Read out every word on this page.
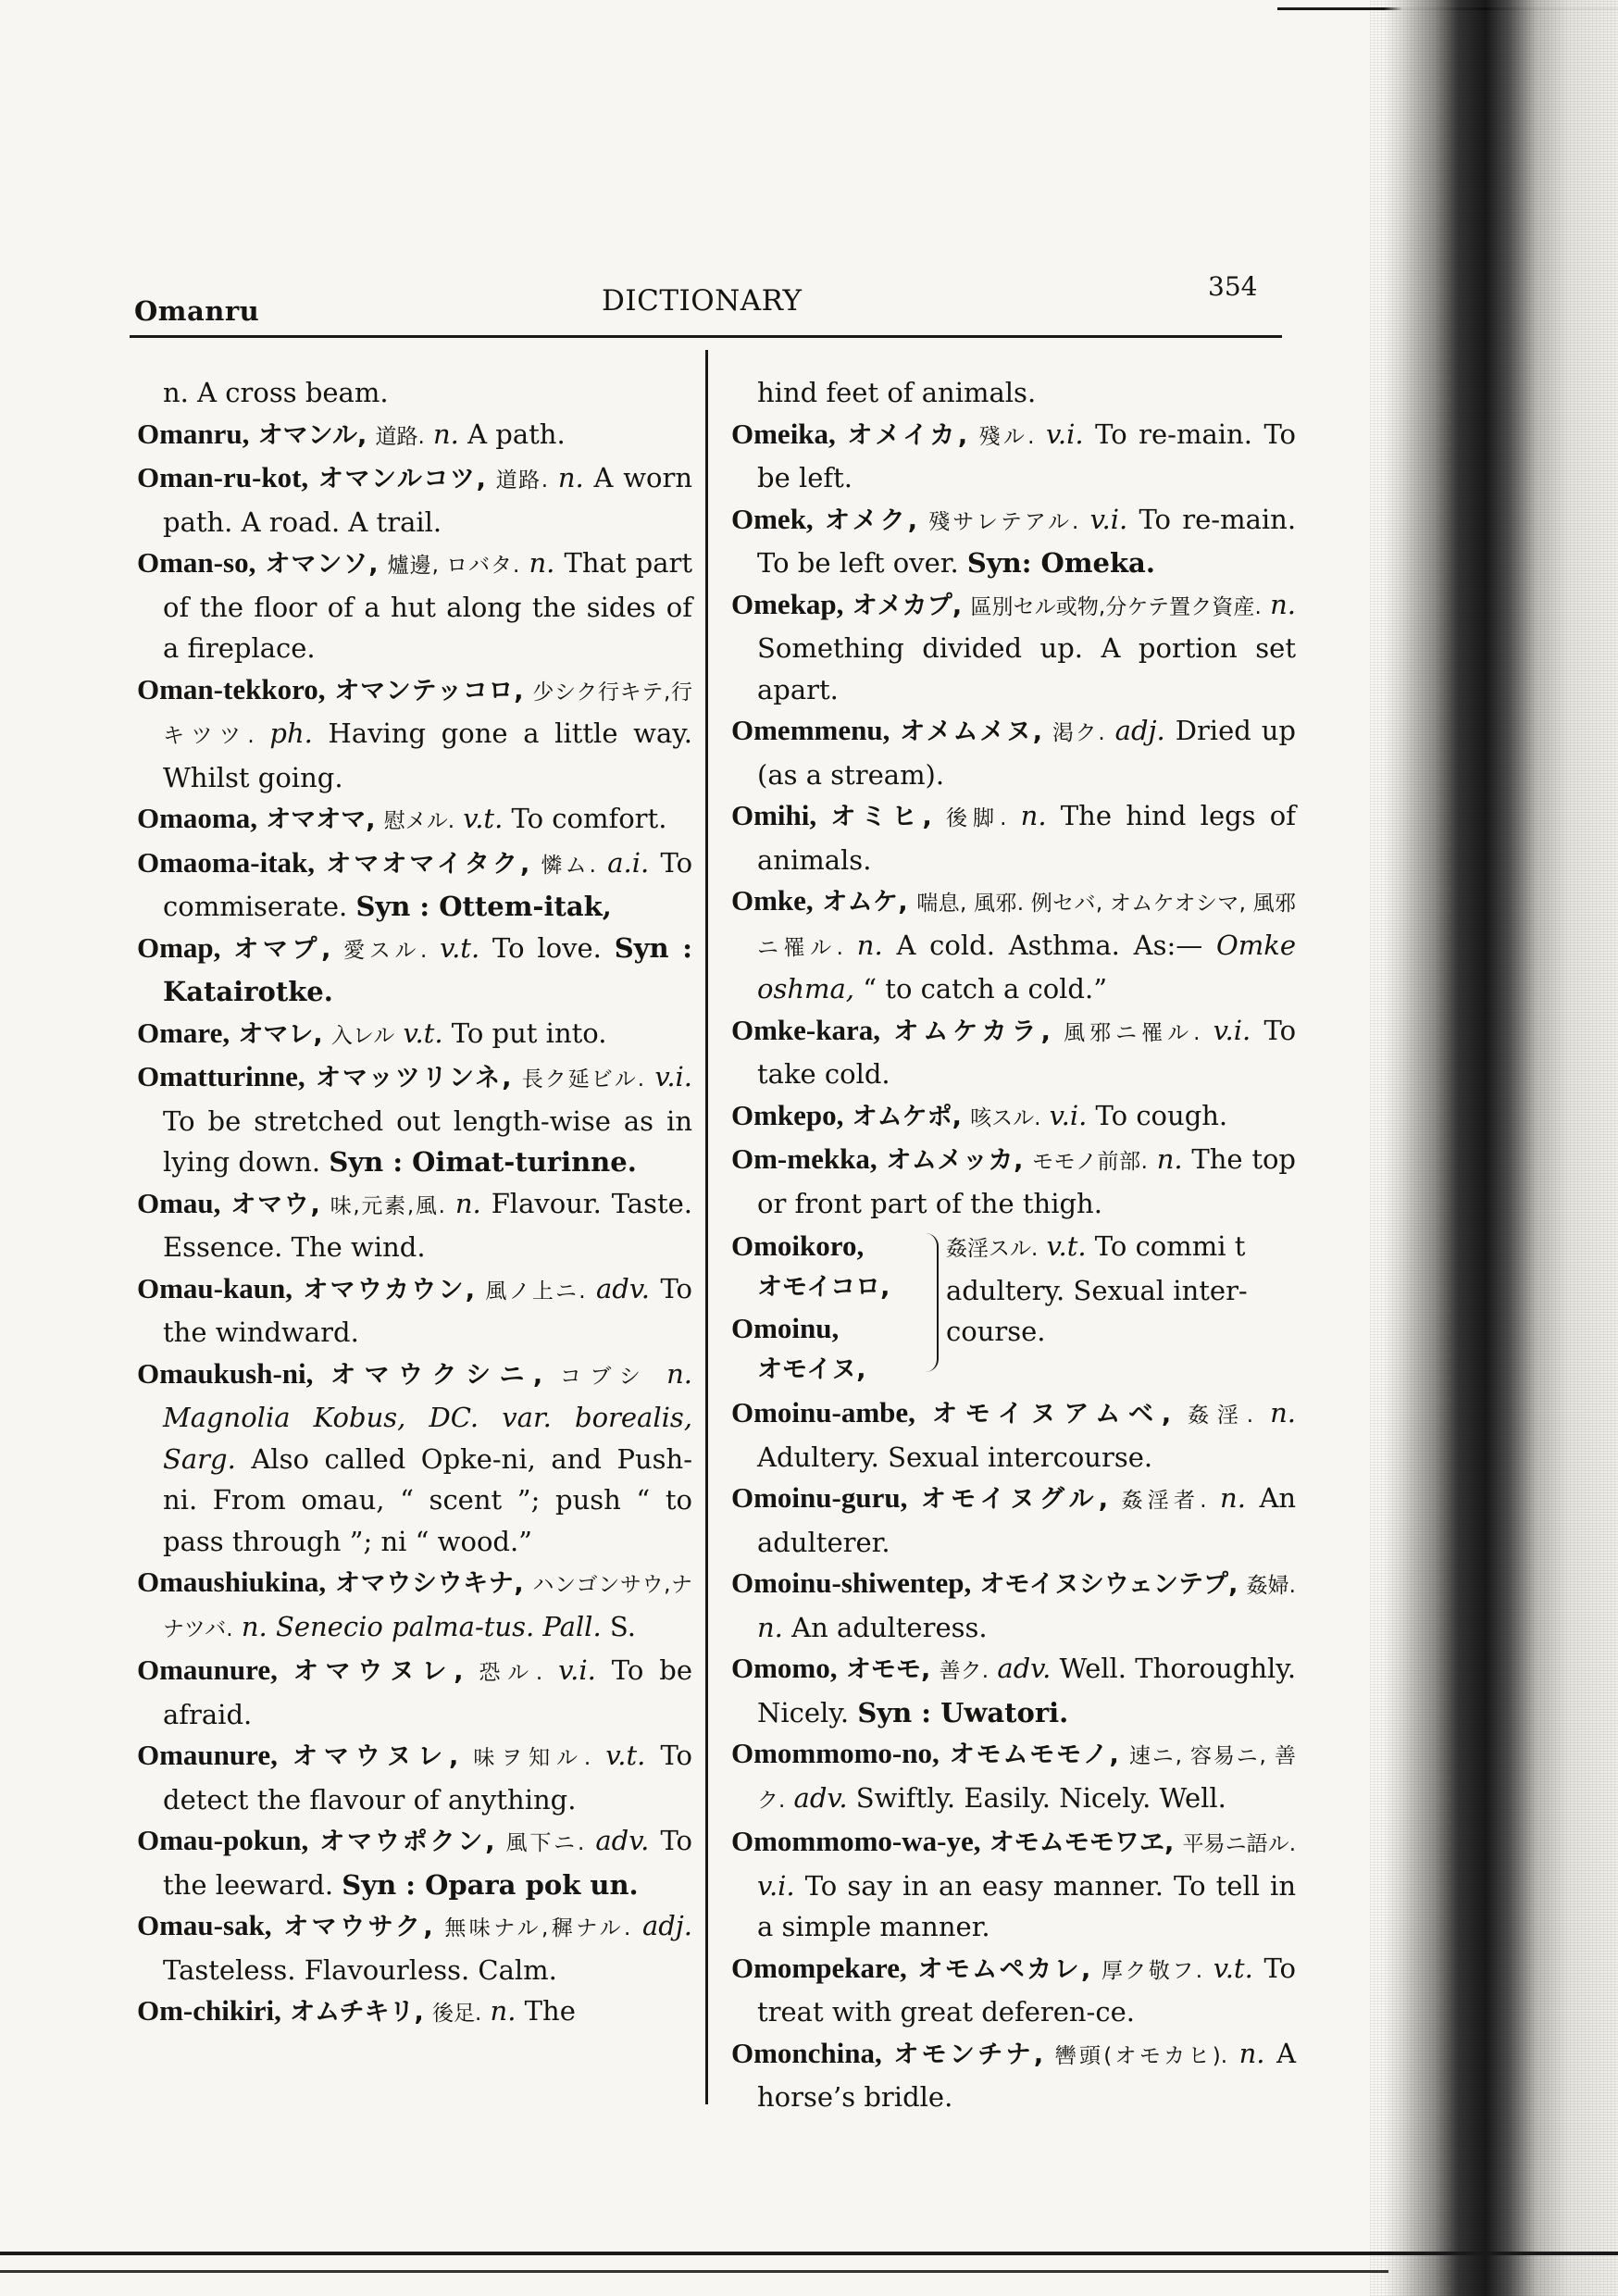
Omanru	DICTIONARY	354
n. A cross beam.
Omanru, オマンル, 道路. n. A path.
Oman-ru-kot, オマンルコツ, 道路. n. A worn path. A road. A trail.
Oman-so, オマンソ, 爐邊, ロバタ. n. That part of the floor of a hut along the sides of a fireplace.
Oman-tekkoro, オマンテッコロ, 少シク行キテ,行キツツ. ph. Having gone a little way. Whilst going.
Omaoma, オマオマ, 慰メル. v.t. To comfort.
Omaoma-itak, オマオマイタク, 憐ム. a.i. To commiserate. Syn : Ottem-itak,
Omap, オマプ, 愛スル. v.t. To love. Syn : Katairotke.
Omare, オマレ, 入レル v.t. To put into.
Omatturinne, オマッツリンネ, 長ク延ビル. v.i. To be stretched out length-wise as in lying down. Syn : Oimat-turinne.
Omau, オマウ, 味,元素,風. n. Flavour. Taste. Essence. The wind.
Omau-kaun, オマウカウン, 風ノ上ニ. adv. To the windward.
Omaukush-ni, オマウクシニ, コブシ n. Magnolia Kobus, DC. var. borealis, Sarg. Also called Opke-ni, and Push-ni. From omau, “ scent ”; push “ to pass through ”; ni “ wood.”
Omaushiukina, オマウシウキナ, ハンゴンサウ,ナナツバ. n. Senecio palma-tus. Pall. S.
Omaunure, オマウヌレ, 恐ル. v.i. To be afraid.
Omaunure, オマウヌレ, 味ヲ知ル. v.t. To detect the flavour of anything.
Omau-pokun, オマウポクン, 風下ニ. adv. To the leeward. Syn : Opara pok un.
Omau-sak, オマウサク, 無味ナル,穉ナル. adj. Tasteless. Flavourless. Calm.
Om-chikiri, オムチキリ, 後足. n. The
hind feet of animals.
Omeika, オメイカ, 殘ル. v.i. To re-main. To be left.
Omek, オメク, 殘サレテアル. v.i. To re-main. To be left over. Syn: Omeka.
Omekap, オメカプ, 區別セル或物,分ケテ置ク資産. n. Something divided up. A portion set apart.
Omemmenu, オメムメヌ, 渇ク. adj. Dried up (as a stream).
Omihi, オミヒ, 後脚. n. The hind legs of animals.
Omke, オムケ, 喘息, 風邪. 例セバ, オムケオシマ, 風邪ニ罹ル. n. A cold. Asthma. As:— Omke oshma, “ to catch a cold.”
Omke-kara, オムケカラ, 風邪ニ罹ル. v.i. To take cold.
Omkepo, オムケポ, 咳スル. v.i. To cough.
Om-mekka, オムメッカ, モモノ前部. n. The top or front part of the thigh.
Omoikoro,

オモイコロ,
Omoinu,

オモイヌ,
姦淫スル. v.t. To commi t adultery. Sexual inter-course.
Omoinu-ambe, オモイヌアムベ, 姦淫. n. Adultery. Sexual intercourse.
Omoinu-guru, オモイヌグル, 姦淫者. n. An adulterer.
Omoinu-shiwentep, オモイヌシウェンテプ, 姦婦. n. An adulteress.
Omomo, オモモ, 善ク. adv. Well. Thoroughly. Nicely. Syn : Uwatori.
Omommomo-no, オモムモモノ, 速ニ, 容易ニ, 善ク. adv. Swiftly. Easily. Nicely. Well.
Omommomo-wa-ye, オモムモモワヱ, 平易ニ語ル. v.i. To say in an easy manner. To tell in a simple manner.
Omompekare, オモムペカレ, 厚ク敬フ. v.t. To treat with great deferen-ce.
Omonchina, オモンチナ, 轡頭(オモカヒ). n. A horse’s bridle.
